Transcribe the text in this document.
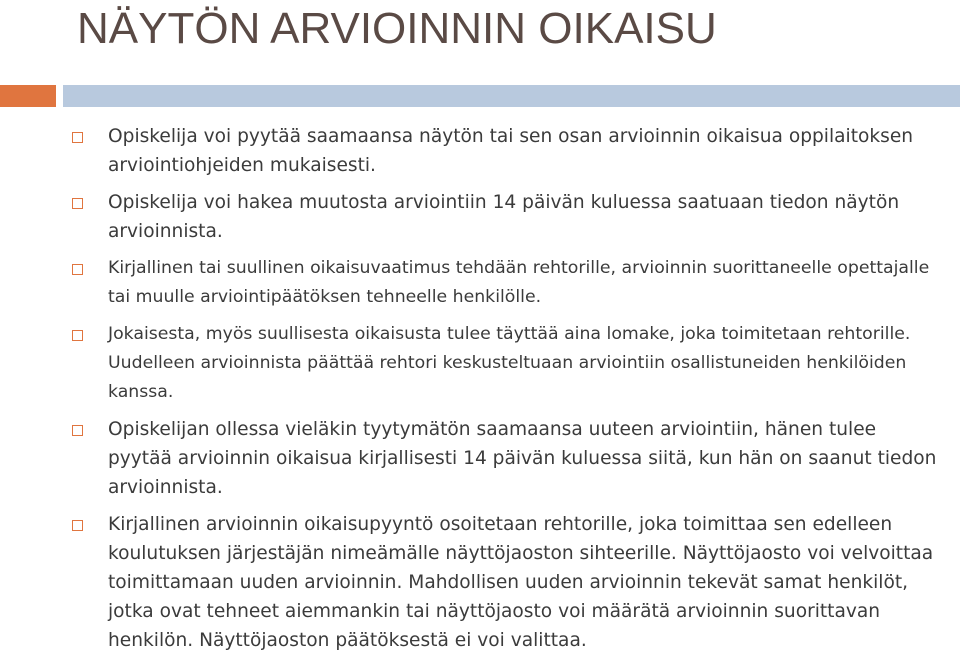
NÄYTÖN ARVIOINNIN OIKAISU
Opiskelija voi pyytää saamaansa näytön tai sen osan arvioinnin oikaisua oppilaitoksen arviointiohjeiden mukaisesti.
Opiskelija voi hakea muutosta arviointiin 14 päivän kuluessa saatuaan tiedon näytön arvioinnista.
Kirjallinen tai suullinen oikaisuvaatimus tehdään rehtorille, arvioinnin suorittaneelle opettajalle tai muulle arviointipäätöksen tehneelle henkilölle.
Jokaisesta, myös suullisesta oikaisusta tulee täyttää aina lomake, joka toimitetaan rehtorille. Uudelleen arvioinnista päättää rehtori keskusteltuaan arviointiin osallistuneiden henkilöiden kanssa.
Opiskelijan ollessa vieläkin tyytymätön saamaansa uuteen arviointiin, hänen tulee pyytää arvioinnin oikaisua kirjallisesti 14 päivän kuluessa siitä, kun hän on saanut tiedon arvioinnista.
Kirjallinen arvioinnin oikaisupyyntö osoitetaan rehtorille, joka toimittaa sen edelleen koulutuksen järjestäjän nimeämälle näyttöjaoston sihteerille. Näyttöjaosto voi velvoittaa toimittamaan uuden arvioinnin. Mahdollisen uuden arvioinnin tekevät samat henkilöt, jotka ovat tehneet aiemmankin tai näyttöjaosto voi määrätä arvioinnin suorittavan henkilön. Näyttöjaoston päätöksestä ei voi valittaa.
